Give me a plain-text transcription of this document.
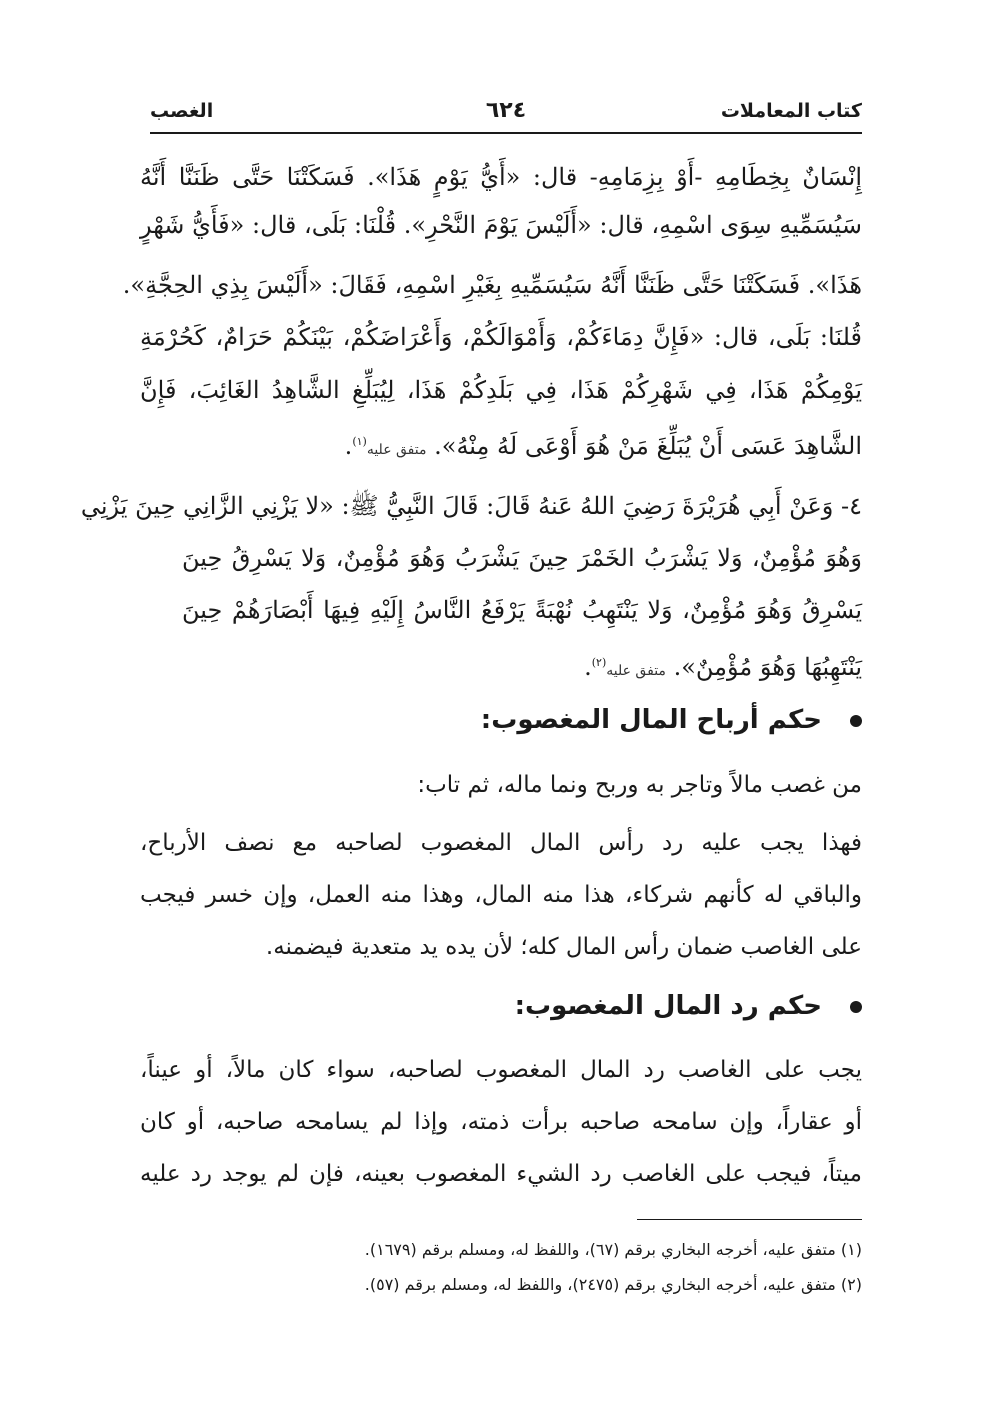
كتاب المعاملات
٦٢٤
الغصب
إِنْسَانٌ بِخِطَامِهِ -أَوْ بِزِمَامِهِ- قال: «أَيُّ يَوْمٍ هَذَا». فَسَكَتْنَا حَتَّى ظَنَنَّا أَنَّهُ
سَيُسَمِّيهِ سِوَى اسْمِهِ، قال: «أَلَيْسَ يَوْمَ النَّحْرِ». قُلْنَا: بَلَى، قال: «فَأَيُّ شَهْرٍ
هَذَا». فَسَكَتْنَا حَتَّى ظَنَنَّا أَنَّهُ سَيُسَمِّيهِ بِغَيْرِ اسْمِهِ، فَقَالَ: «أَلَيْسَ بِذِي الحِجَّةِ».
قُلنَا: بَلَى، قال: «فَإِنَّ دِمَاءَكُمْ، وَأَمْوَالَكُمْ، وَأَعْرَاضَكُمْ، بَيْنَكُمْ حَرَامٌ، كَحُرْمَةِ
يَوْمِكُمْ هَذَا، فِي شَهْرِكُمْ هَذَا، فِي بَلَدِكُمْ هَذَا، لِيُبَلِّغِ الشَّاهِدُ الغَائِبَ، فَإِنَّ
الشَّاهِدَ عَسَى أَنْ يُبَلِّغَ مَنْ هُوَ أَوْعَى لَهُ مِنْهُ». متفق عليه$^{(١)}$.
٤- وَعَنْ أَبِي هُرَيْرَةَ رَضِيَ اللهُ عَنهُ قَالَ: قَالَ النَّبِيُّ ﷺ: «لا يَزْنِي الزَّانِي حِينَ يَزْنِي
وَهُوَ مُؤْمِنٌ، وَلا يَشْرَبُ الخَمْرَ حِينَ يَشْرَبُ وَهُوَ مُؤْمِنٌ، وَلا يَسْرِقُ حِينَ
يَسْرِقُ وَهُوَ مُؤْمِنٌ، وَلا يَنْتَهِبُ نُهْبَةً يَرْفَعُ النَّاسُ إِلَيْهِ فِيهَا أَبْصَارَهُمْ حِينَ
يَنْتَهِبُهَا وَهُوَ مُؤْمِنٌ». متفق عليه$^{(٢)}$.
حكم أرباح المال المغصوب:
من غصب مالاً وتاجر به وربح ونما ماله، ثم تاب:
فهذا يجب عليه رد رأس المال المغصوب لصاحبه مع نصف الأرباح،
والباقي له كأنهم شركاء، هذا منه المال، وهذا منه العمل، وإن خسر فيجب
على الغاصب ضمان رأس المال كله؛ لأن يده يد متعدية فيضمنه.
حكم رد المال المغصوب:
يجب على الغاصب رد المال المغصوب لصاحبه، سواء كان مالاً، أو عيناً،
أو عقاراً، وإن سامحه صاحبه برأت ذمته، وإذا لم يسامحه صاحبه، أو كان
ميتاً، فيجب على الغاصب رد الشيء المغصوب بعينه، فإن لم يوجد رد عليه
(١) متفق عليه، أخرجه البخاري برقم (٦٧)، واللفظ له، ومسلم برقم (١٦٧٩).
(٢) متفق عليه، أخرجه البخاري برقم (٢٤٧٥)، واللفظ له، ومسلم برقم (٥٧).
